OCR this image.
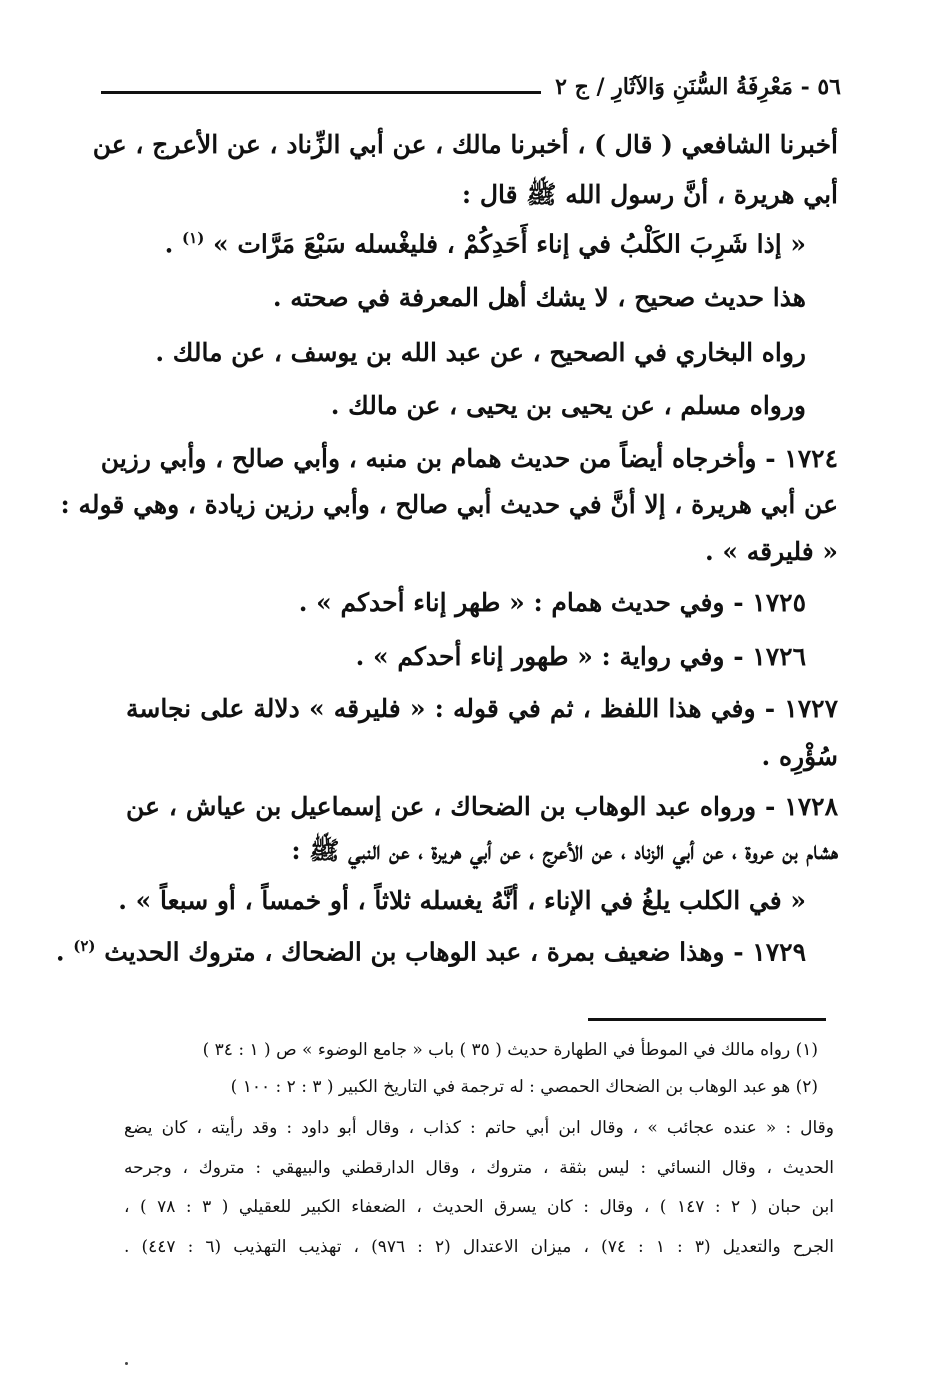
٥٦ - مَعْرِفَةُ السُّنَنِ وَالآثَارِ / ج ٢
أخبرنا الشافعي ( قال ) ، أخبرنا مالك ، عن أبي الزِّناد ، عن الأعرج ، عن
أبي هريرة ، أنَّ رسول الله ﷺ قال :
« إذا شَرِبَ الكَلْبُ في إناء أَحَدِكُمْ ، فليغْسله سَبْعَ مَرَّات » $^{(١)}$ .
هذا حديث صحيح ، لا يشك أهل المعرفة في صحته .
رواه البخاري في الصحيح ، عن عبد الله بن يوسف ، عن مالك .
ورواه مسلم ، عن يحيى بن يحيى ، عن مالك .
١٧٢٤ - وأخرجاه أيضاً من حديث همام بن منبه ، وأبي صالح ، وأبي رزين
عن أبي هريرة ، إلا أنَّ في حديث أبي صالح ، وأبي رزين زيادة ، وهي قوله :
« فليرقه » .
١٧٢٥ - وفي حديث همام : « طهر إناء أحدكم » .
١٧٢٦ - وفي رواية : « طهور إناء أحدكم » .
١٧٢٧ - وفي هذا اللفظ ، ثم في قوله : « فليرقه » دلالة على نجاسة
سُؤْرِه .
١٧٢٨ - ورواه عبد الوهاب بن الضحاك ، عن إسماعيل بن عياش ، عن
هشام بن عروة ، عن أبي الزناد ، عن الأعرج ، عن أبي هريرة ، عن النبي ﷺ :
« في الكلب يلغُ في الإناء ، أنَّهُ يغسله ثلاثاً ، أو خمساً ، أو سبعاً » .
١٧٢٩ - وهذا ضعيف بمرة ، عبد الوهاب بن الضحاك ، متروك الحديث $^{(٢)}$ .
(١) رواه مالك في الموطأ في الطهارة حديث ( ٣٥ ) باب « جامع الوضوء » ص ( ١ : ٣٤ )
(٢) هو عبد الوهاب بن الضحاك الحمصي : له ترجمة في التاريخ الكبير ( ٣ : ٢ : ١٠٠ )
وقال : « عنده عجائب » ، وقال ابن أبي حاتم : كذاب ، وقال أبو داود : وقد رأيته ، كان يضع
الحديث ، وقال النسائي : ليس بثقة ، متروك ، وقال الدارقطني والبيهقي : متروك ، وجرحه
ابن حبان ( ٢ : ١٤٧ ) ، وقال : كان يسرق الحديث ، الضعفاء الكبير للعقيلي ( ٣ : ٧٨ ) ،
الجرح والتعديل (٣ : ١ : ٧٤) ، ميزان الاعتدال (٢ : ٩٧٦) ، تهذيب التهذيب (٦ : ٤٤٧) .
